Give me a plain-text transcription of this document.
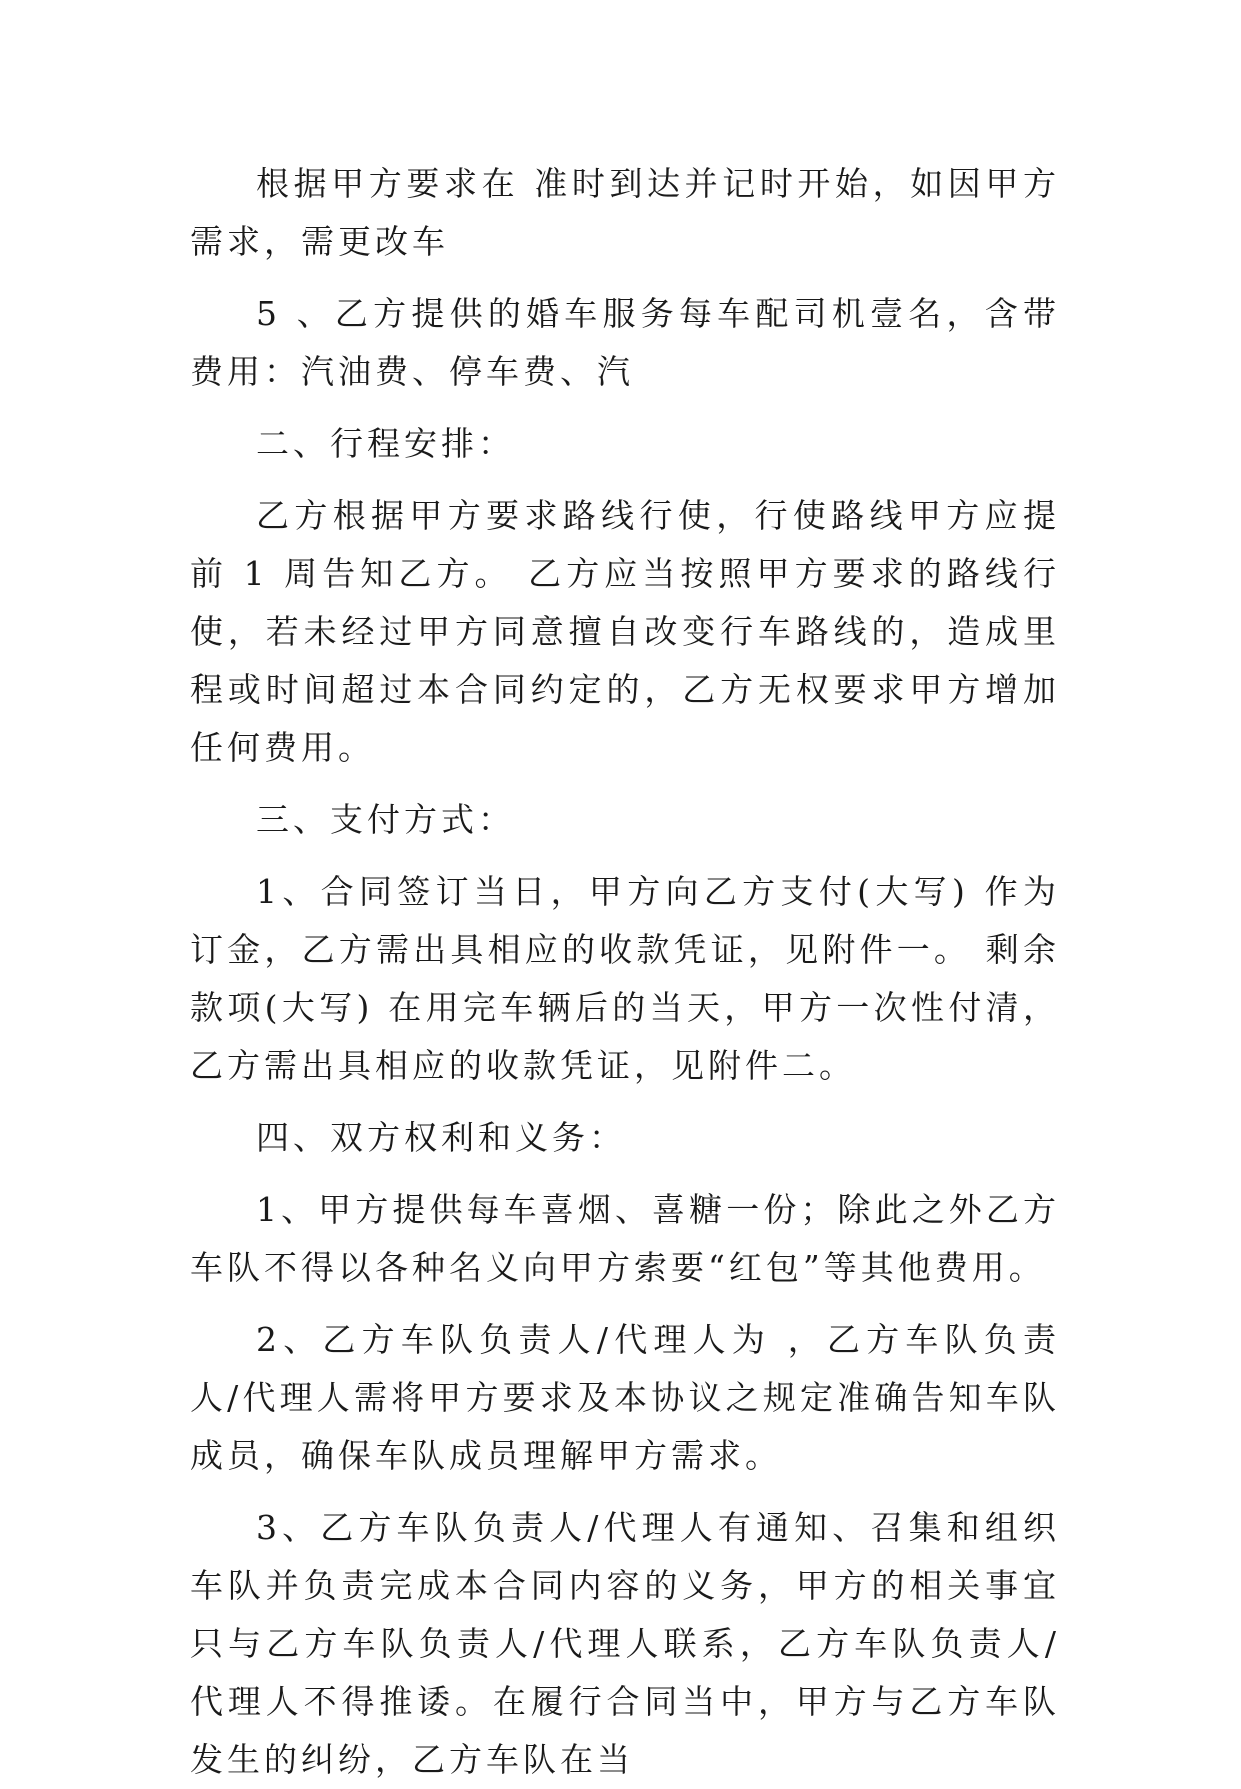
根据甲方要求在 准时到达并记时开始，如因甲方需求，需更改车

5 、乙方提供的婚车服务每车配司机壹名，含带费用：汽油费、停车费、汽

二、行程安排：

乙方根据甲方要求路线行使，行使路线甲方应提前 1 周告知乙方。 乙方应当按照甲方要求的路线行使，若未经过甲方同意擅自改变行车路线的，造成里程或时间超过本合同约定的，乙方无权要求甲方增加任何费用。

三、支付方式：

1、合同签订当日，甲方向乙方支付(大写) 作为订金，乙方需出具相应的收款凭证，见附件一。 剩余款项(大写) 在用完车辆后的当天，甲方一次性付清，乙方需出具相应的收款凭证，见附件二。

四、双方权利和义务：

1、甲方提供每车喜烟、喜糖一份；除此之外乙方车队不得以各种名义向甲方索要“红包”等其他费用。

2、乙方车队负责人/代理人为 ，乙方车队负责人/代理人需将甲方要求及本协议之规定准确告知车队成员，确保车队成员理解甲方需求。

3、乙方车队负责人/代理人有通知、召集和组织车队并负责完成本合同内容的义务，甲方的相关事宜只与乙方车队负责人/代理人联系，乙方车队负责人/代理人不得推诿。在履行合同当中，甲方与乙方车队发生的纠纷，乙方车队在当
